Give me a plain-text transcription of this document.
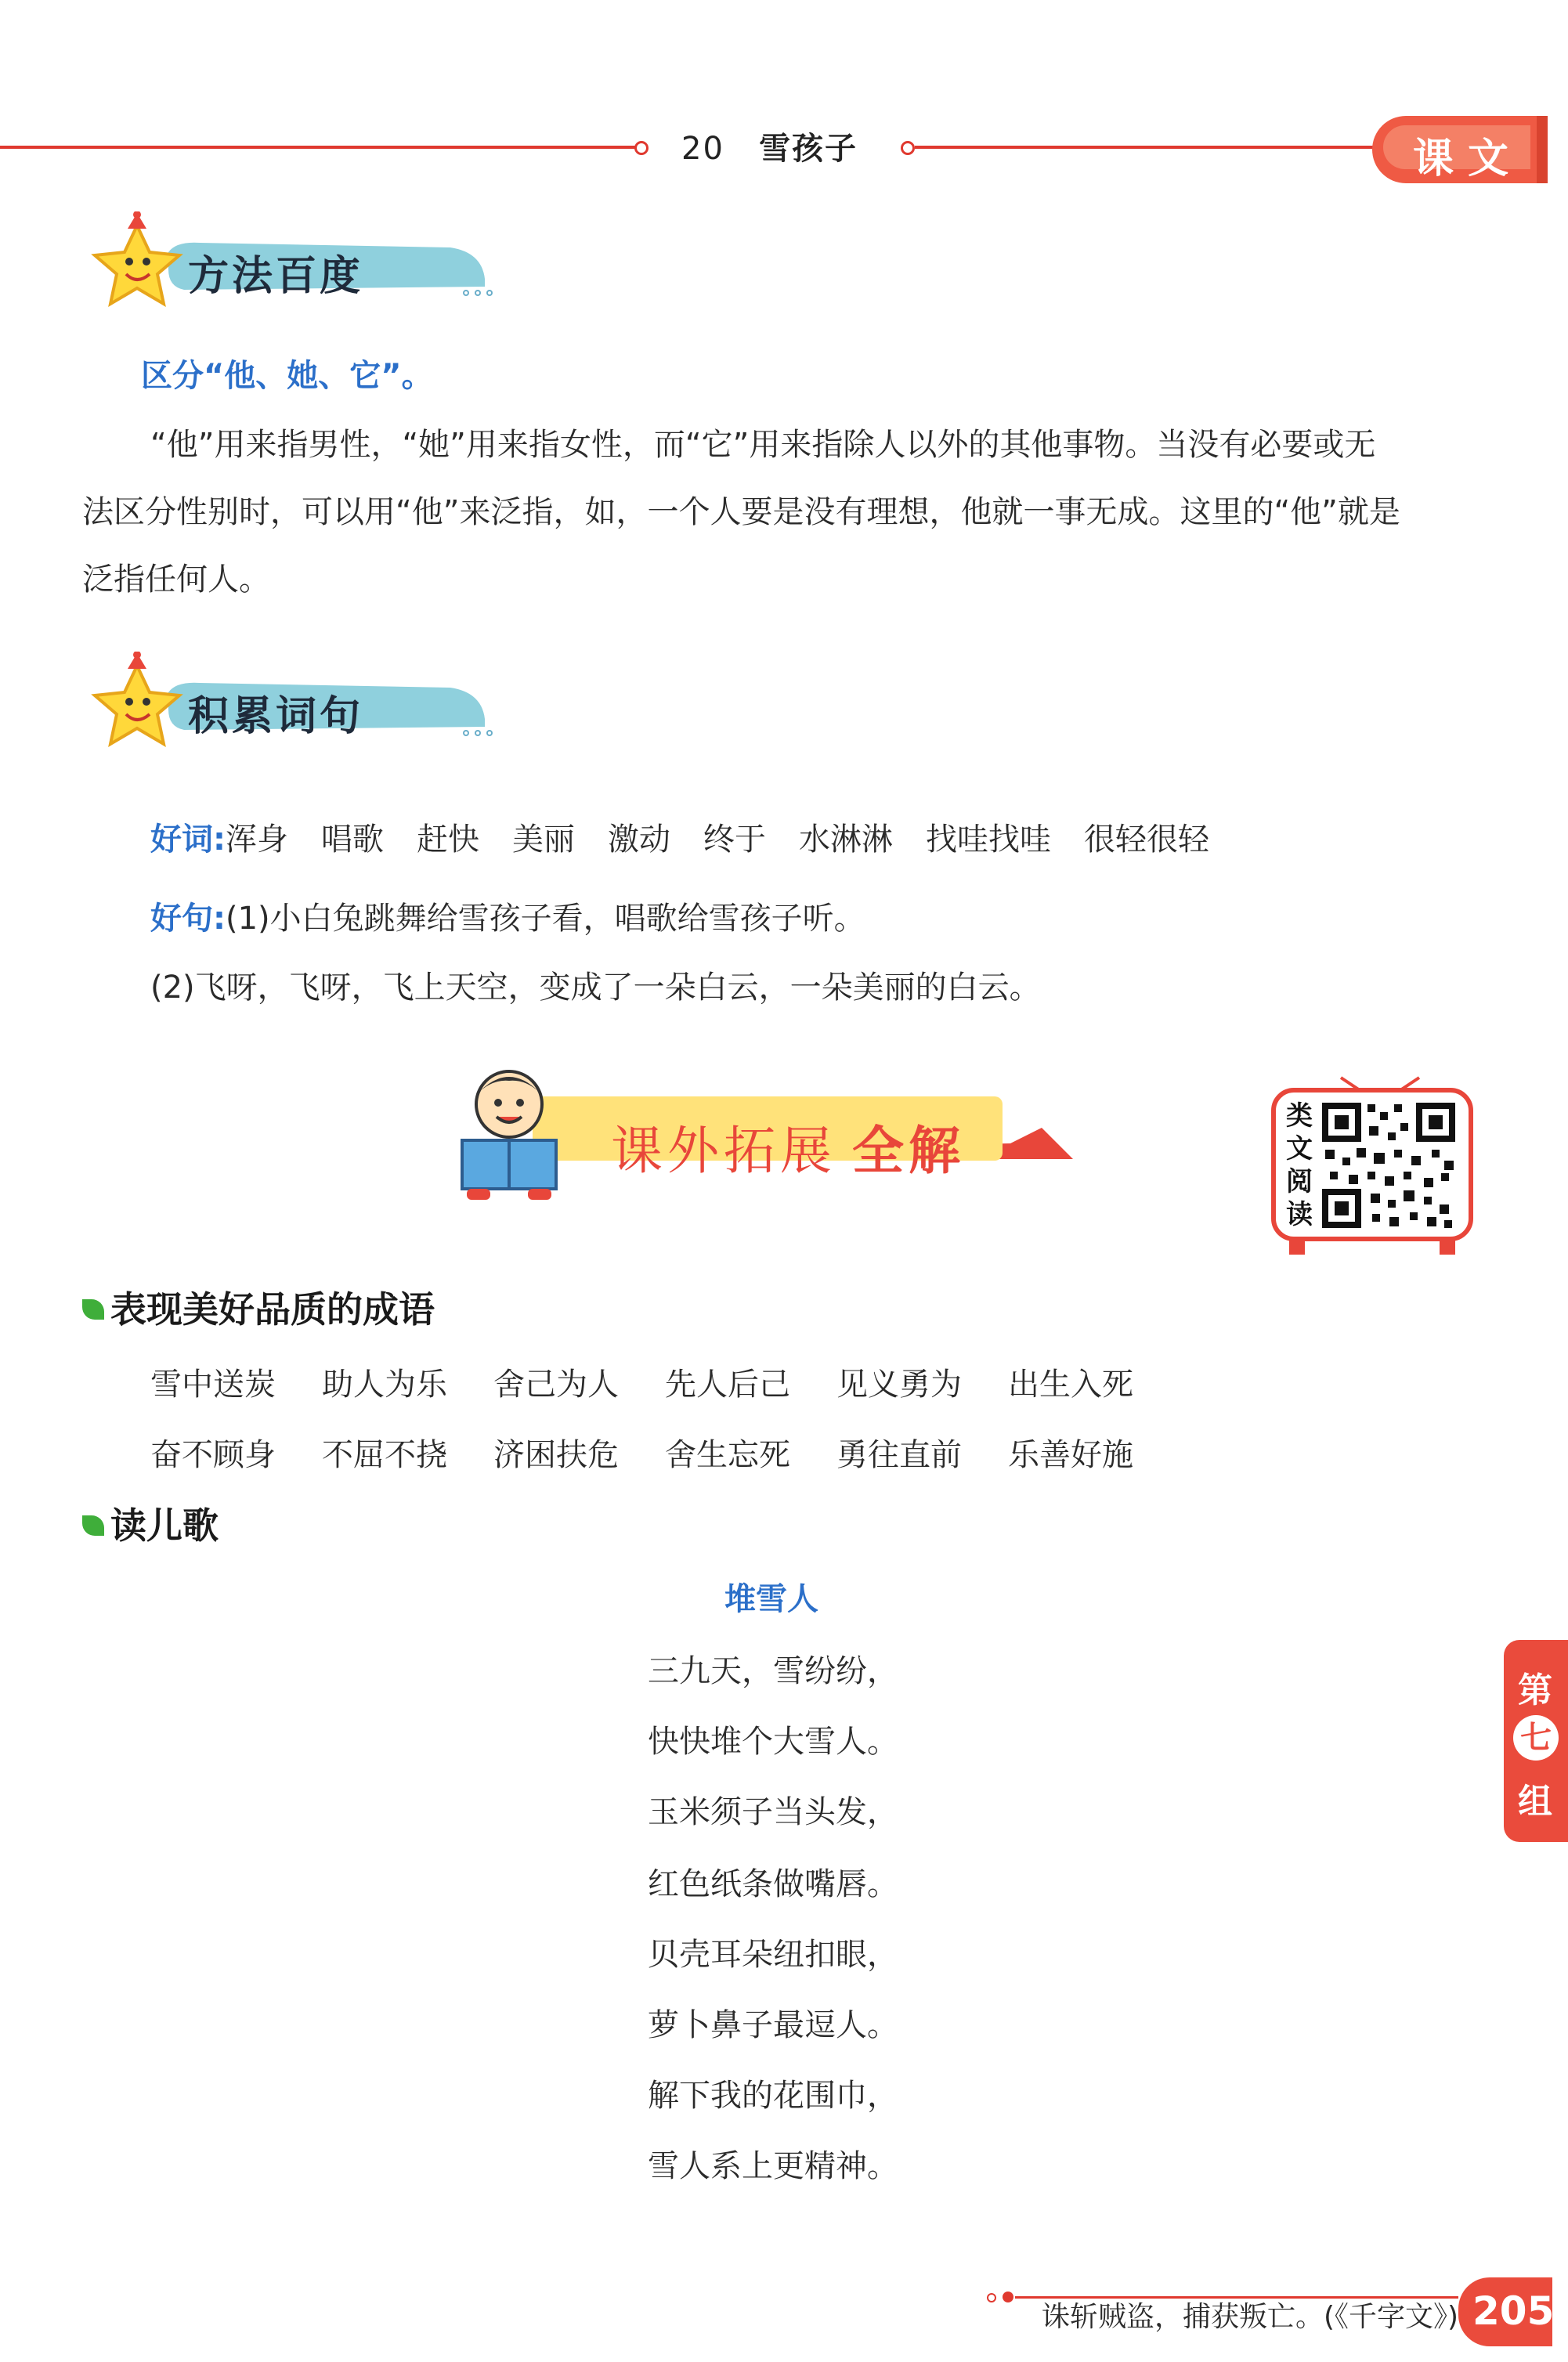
20 雪孩子	课文
方法百度
区分“他、她、它”。
“他”用来指男性，“她”用来指女性，而“它”用来指除人以外的其他事物。当没有必要或无
法区分性别时，可以用“他”来泛指，如，一个人要是没有理想，他就一事无成。这里的“他”就是
泛指任何人。
积累词句
好词:浑身 唱歌 赶快 美丽 激动 终于 水淋淋 找哇找哇 很轻很轻
好句:(1)小白兔跳舞给雪孩子看，唱歌给雪孩子听。
(2)飞呀，飞呀，飞上天空，变成了一朵白云，一朵美丽的白云。
课外拓展 全解
类文阅读
表现美好品质的成语
雪中送炭 助人为乐 舍己为人 先人后己 见义勇为 出生入死
奋不顾身 不屈不挠 济困扶危 舍生忘死 勇往直前 乐善好施
读儿歌
堆雪人
三九天，雪纷纷，
快快堆个大雪人。
玉米须子当头发，
红色纸条做嘴唇。
贝壳耳朵纽扣眼，
萝卜鼻子最逗人。
解下我的花围巾，
雪人系上更精神。
第
七
组
诛斩贼盗，捕获叛亡。(《千字文》) 205
